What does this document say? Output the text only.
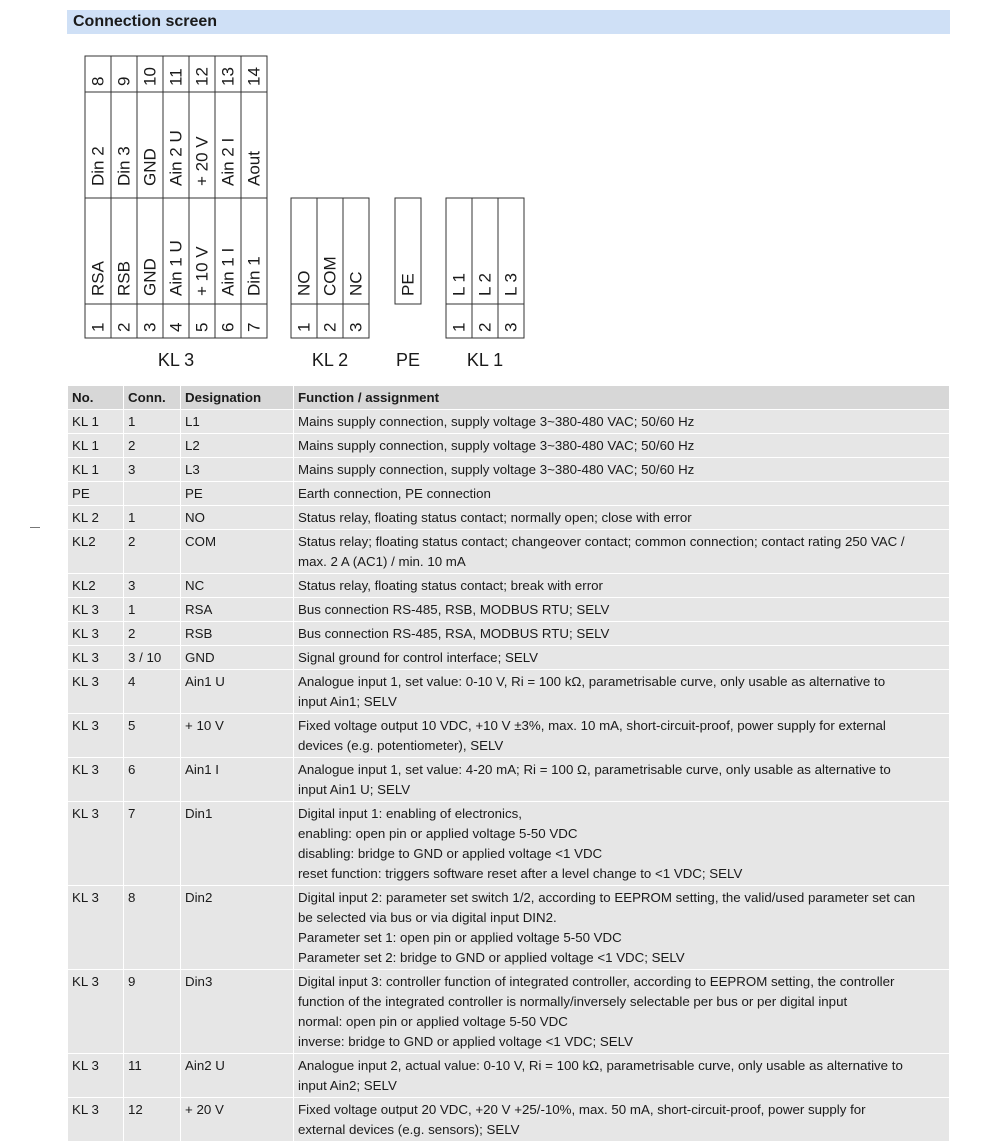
Connection screen
8
Din 2
9
Din 3
10
GND
11
Ain 2 U
12
+ 20 V
13
Ain 2 I
14
Aout
1
RSA
2
RSB
3
GND
4
Ain 1 U
5
+ 10 V
6
Ain 1 I
7
Din 1
1
NO
2
COM
3
NC PE
1
L 1
2
L 2
3
L 3
KL 3	KL 2	PE	KL 1
No.	Conn.	Designation	Function / assignment
KL 1	1	L1	Mains supply connection, supply voltage 3~380-480 VAC; 50/60 Hz
KL 1	2	L2	Mains supply connection, supply voltage 3~380-480 VAC; 50/60 Hz
KL 1	3	L3	Mains supply connection, supply voltage 3~380-480 VAC; 50/60 Hz
PE		PE	Earth connection, PE connection
KL 2	1	NO	Status relay, floating status contact; normally open; close with error
KL2	2	COM	Status relay; floating status contact; changeover contact; common connection; contact rating 250 VAC /
max. 2 A (AC1) / min. 10 mA
KL2	3	NC	Status relay, floating status contact; break with error
KL 3	1	RSA	Bus connection RS-485, RSB, MODBUS RTU; SELV
KL 3	2	RSB	Bus connection RS-485, RSA, MODBUS RTU; SELV
KL 3	3 / 10	GND	Signal ground for control interface; SELV
KL 3	4	Ain1 U	Analogue input 1, set value: 0-10 V, Ri = 100 kΩ, parametrisable curve, only usable as alternative to
input Ain1; SELV
KL 3	5	+ 10 V	Fixed voltage output 10 VDC, +10 V ±3%, max. 10 mA, short-circuit-proof, power supply for external
devices (e.g. potentiometer), SELV
KL 3	6	Ain1 I	Analogue input 1, set value: 4-20 mA; Ri = 100 Ω, parametrisable curve, only usable as alternative to
input Ain1 U; SELV
KL 3	7	Din1	Digital input 1: enabling of electronics,
enabling: open pin or applied voltage 5-50 VDC
disabling: bridge to GND or applied voltage <1 VDC
reset function: triggers software reset after a level change to <1 VDC; SELV
KL 3	8	Din2	Digital input 2: parameter set switch 1/2, according to EEPROM setting, the valid/used parameter set can
be selected via bus or via digital input DIN2.
Parameter set 1: open pin or applied voltage 5-50 VDC
Parameter set 2: bridge to GND or applied voltage <1 VDC; SELV
KL 3	9	Din3	Digital input 3: controller function of integrated controller, according to EEPROM setting, the controller
function of the integrated controller is normally/inversely selectable per bus or per digital input
normal: open pin or applied voltage 5-50 VDC
inverse: bridge to GND or applied voltage <1 VDC; SELV
KL 3	11	Ain2 U	Analogue input 2, actual value: 0-10 V, Ri = 100 kΩ, parametrisable curve, only usable as alternative to
input Ain2; SELV
KL 3	12	+ 20 V	Fixed voltage output 20 VDC, +20 V +25/-10%, max. 50 mA, short-circuit-proof, power supply for
external devices (e.g. sensors); SELV
